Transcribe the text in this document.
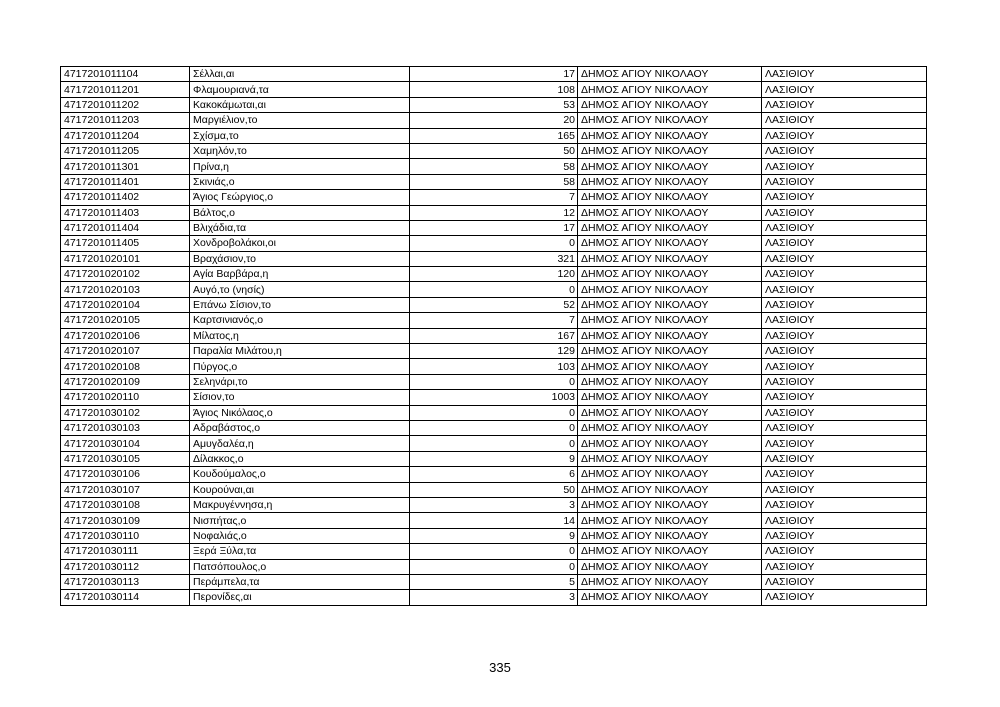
4717201011104	Σέλλαι,αι	17	ΔΗΜΟΣ ΑΓΙΟΥ ΝΙΚΟΛΑΟΥ	ΛΑΣΙΘΙΟΥ
4717201011201	Φλαμουριανά,τα	108	ΔΗΜΟΣ ΑΓΙΟΥ ΝΙΚΟΛΑΟΥ	ΛΑΣΙΘΙΟΥ
4717201011202	Κακοκάμωται,αι	53	ΔΗΜΟΣ ΑΓΙΟΥ ΝΙΚΟΛΑΟΥ	ΛΑΣΙΘΙΟΥ
4717201011203	Μαργιέλιον,το	20	ΔΗΜΟΣ ΑΓΙΟΥ ΝΙΚΟΛΑΟΥ	ΛΑΣΙΘΙΟΥ
4717201011204	Σχίσμα,το	165	ΔΗΜΟΣ ΑΓΙΟΥ ΝΙΚΟΛΑΟΥ	ΛΑΣΙΘΙΟΥ
4717201011205	Χαμηλόν,το	50	ΔΗΜΟΣ ΑΓΙΟΥ ΝΙΚΟΛΑΟΥ	ΛΑΣΙΘΙΟΥ
4717201011301	Πρίνα,η	58	ΔΗΜΟΣ ΑΓΙΟΥ ΝΙΚΟΛΑΟΥ	ΛΑΣΙΘΙΟΥ
4717201011401	Σκινιάς,ο	58	ΔΗΜΟΣ ΑΓΙΟΥ ΝΙΚΟΛΑΟΥ	ΛΑΣΙΘΙΟΥ
4717201011402	Άγιος Γεώργιος,ο	7	ΔΗΜΟΣ ΑΓΙΟΥ ΝΙΚΟΛΑΟΥ	ΛΑΣΙΘΙΟΥ
4717201011403	Βάλτος,ο	12	ΔΗΜΟΣ ΑΓΙΟΥ ΝΙΚΟΛΑΟΥ	ΛΑΣΙΘΙΟΥ
4717201011404	Βλιχάδια,τα	17	ΔΗΜΟΣ ΑΓΙΟΥ ΝΙΚΟΛΑΟΥ	ΛΑΣΙΘΙΟΥ
4717201011405	Χονδροβολάκοι,οι	0	ΔΗΜΟΣ ΑΓΙΟΥ ΝΙΚΟΛΑΟΥ	ΛΑΣΙΘΙΟΥ
4717201020101	Βραχάσιον,το	321	ΔΗΜΟΣ ΑΓΙΟΥ ΝΙΚΟΛΑΟΥ	ΛΑΣΙΘΙΟΥ
4717201020102	Αγία Βαρβάρα,η	120	ΔΗΜΟΣ ΑΓΙΟΥ ΝΙΚΟΛΑΟΥ	ΛΑΣΙΘΙΟΥ
4717201020103	Αυγό,το (νησίς)	0	ΔΗΜΟΣ ΑΓΙΟΥ ΝΙΚΟΛΑΟΥ	ΛΑΣΙΘΙΟΥ
4717201020104	Επάνω Σίσιον,το	52	ΔΗΜΟΣ ΑΓΙΟΥ ΝΙΚΟΛΑΟΥ	ΛΑΣΙΘΙΟΥ
4717201020105	Καρτσινιανός,ο	7	ΔΗΜΟΣ ΑΓΙΟΥ ΝΙΚΟΛΑΟΥ	ΛΑΣΙΘΙΟΥ
4717201020106	Μίλατος,η	167	ΔΗΜΟΣ ΑΓΙΟΥ ΝΙΚΟΛΑΟΥ	ΛΑΣΙΘΙΟΥ
4717201020107	Παραλία Μιλάτου,η	129	ΔΗΜΟΣ ΑΓΙΟΥ ΝΙΚΟΛΑΟΥ	ΛΑΣΙΘΙΟΥ
4717201020108	Πύργος,ο	103	ΔΗΜΟΣ ΑΓΙΟΥ ΝΙΚΟΛΑΟΥ	ΛΑΣΙΘΙΟΥ
4717201020109	Σεληνάρι,το	0	ΔΗΜΟΣ ΑΓΙΟΥ ΝΙΚΟΛΑΟΥ	ΛΑΣΙΘΙΟΥ
4717201020110	Σίσιον,το	1003	ΔΗΜΟΣ ΑΓΙΟΥ ΝΙΚΟΛΑΟΥ	ΛΑΣΙΘΙΟΥ
4717201030102	Άγιος Νικόλαος,ο	0	ΔΗΜΟΣ ΑΓΙΟΥ ΝΙΚΟΛΑΟΥ	ΛΑΣΙΘΙΟΥ
4717201030103	Αδραβάστος,ο	0	ΔΗΜΟΣ ΑΓΙΟΥ ΝΙΚΟΛΑΟΥ	ΛΑΣΙΘΙΟΥ
4717201030104	Αμυγδαλέα,η	0	ΔΗΜΟΣ ΑΓΙΟΥ ΝΙΚΟΛΑΟΥ	ΛΑΣΙΘΙΟΥ
4717201030105	Δίλακκος,ο	9	ΔΗΜΟΣ ΑΓΙΟΥ ΝΙΚΟΛΑΟΥ	ΛΑΣΙΘΙΟΥ
4717201030106	Κουδούμαλος,ο	6	ΔΗΜΟΣ ΑΓΙΟΥ ΝΙΚΟΛΑΟΥ	ΛΑΣΙΘΙΟΥ
4717201030107	Κουρούναι,αι	50	ΔΗΜΟΣ ΑΓΙΟΥ ΝΙΚΟΛΑΟΥ	ΛΑΣΙΘΙΟΥ
4717201030108	Μακρυγέννησα,η	3	ΔΗΜΟΣ ΑΓΙΟΥ ΝΙΚΟΛΑΟΥ	ΛΑΣΙΘΙΟΥ
4717201030109	Νισπήτας,ο	14	ΔΗΜΟΣ ΑΓΙΟΥ ΝΙΚΟΛΑΟΥ	ΛΑΣΙΘΙΟΥ
4717201030110	Νοφαλιάς,ο	9	ΔΗΜΟΣ ΑΓΙΟΥ ΝΙΚΟΛΑΟΥ	ΛΑΣΙΘΙΟΥ
4717201030111	Ξερά Ξύλα,τα	0	ΔΗΜΟΣ ΑΓΙΟΥ ΝΙΚΟΛΑΟΥ	ΛΑΣΙΘΙΟΥ
4717201030112	Πατσόπουλος,ο	0	ΔΗΜΟΣ ΑΓΙΟΥ ΝΙΚΟΛΑΟΥ	ΛΑΣΙΘΙΟΥ
4717201030113	Περάμπελα,τα	5	ΔΗΜΟΣ ΑΓΙΟΥ ΝΙΚΟΛΑΟΥ	ΛΑΣΙΘΙΟΥ
4717201030114	Περονίδες,αι	3	ΔΗΜΟΣ ΑΓΙΟΥ ΝΙΚΟΛΑΟΥ	ΛΑΣΙΘΙΟΥ
335
